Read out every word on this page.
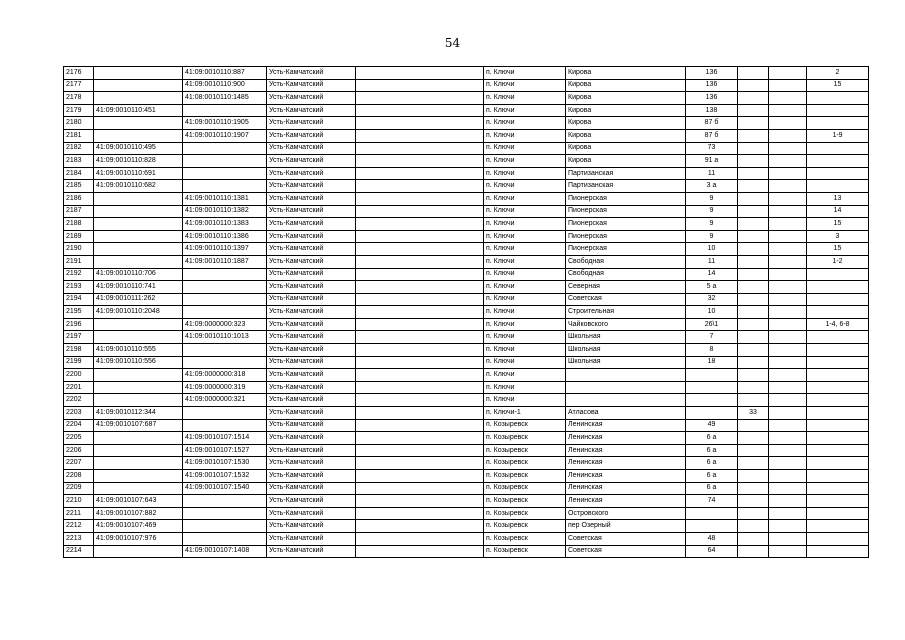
54
2176		41:09:0010110:887	Усть-Камчатский		п. Ключи	Кирова	136			2
2177		41:09:0010110:900	Усть-Камчатский		п. Ключи	Кирова	136			15
2178		41:08:0010110:1485	Усть-Камчатский		п. Ключи	Кирова	136			
2179	41:09:0010110:451		Усть-Камчатский		п. Ключи	Кирова	138			
2180		41:09:0010110:1905	Усть-Камчатский		п. Ключи	Кирова	87 б			
2181		41:09:0010110:1907	Усть-Камчатский		п. Ключи	Кирова	87 б			1-9
2182	41:09:0010110:495		Усть-Камчатский		п. Ключи	Кирова	73			
2183	41:09:0010110:828		Усть-Камчатский		п. Ключи	Кирова	91 а			
2184	41:09:0010110:691		Усть-Камчатский		п. Ключи	Партизанская	11			
2185	41:09:0010110:682		Усть-Камчатский		п. Ключи	Партизанская	3 а			
2186		41:09:0010110:1381	Усть-Камчатский		п. Ключи	Пионерская	9			13
2187		41:09:0010110:1382	Усть-Камчатский		п. Ключи	Пионерская	9			14
2188		41:09:0010110:1383	Усть-Камчатский		п. Ключи	Пионерская	9			15
2189		41:09:0010110:1386	Усть-Камчатский		п. Ключи	Пионерская	9			3
2190		41:09:0010110:1397	Усть-Камчатский		п. Ключи	Пионерская	10			15
2191		41:09:0010110:1887	Усть-Камчатский		п. Ключи	Свободная	11			1-2
2192	41:09:0010110:706		Усть-Камчатский		п. Ключи	Свободная	14			
2193	41:09:0010110:741		Усть-Камчатский		п. Ключи	Северная	5 а			
2194	41:09:0010111:262		Усть-Камчатский		п. Ключи	Советская	32			
2195	41:09:0010110:2048		Усть-Камчатский		п. Ключи	Строительная	10			
2196		41:09:0000000:323	Усть-Камчатский		п. Ключи	Чайковского	26\1			1-4, 6-8
2197		41:09:0010110:1013	Усть-Камчатский		п. Ключи	Школьная	7			
2198	41:09:0010110:555		Усть-Камчатский		п. Ключи	Школьная	8			
2199	41:09:0010110:556		Усть-Камчатский		п. Ключи	Школьная	18			
2200		41:09:0000000:318	Усть-Камчатский		п. Ключи					
2201		41:09:0000000:319	Усть-Камчатский		п. Ключи					
2202		41:09:0000000:321	Усть-Камчатский		п. Ключи					
2203	41:09:0010112:344		Усть-Камчатский		п. Ключи-1	Атласова		33		
2204	41:09:0010107:687		Усть-Камчатский		п. Козыревск	Ленинская	49			
2205		41:09:0010107:1514	Усть-Камчатский		п. Козыревск	Ленинская	6 а			
2206		41:09:0010107:1527	Усть-Камчатский		п. Козыревск	Ленинская	6 а			
2207		41:09:0010107:1530	Усть-Камчатский		п. Козыревск	Ленинская	6 а			
2208		41:09:0010107:1532	Усть-Камчатский		п. Козыревск	Ленинская	6 а			
2209		41:09:0010107:1540	Усть-Камчатский		п. Козыревск	Ленинская	6 а			
2210	41:09:0010107:643		Усть-Камчатский		п. Козыревск	Ленинская	74			
2211	41:09:0010107:882		Усть-Камчатский		п. Козыревск	Островского				
2212	41:09:0010107:469		Усть-Камчатский		п. Козыревск	пер Озерный				
2213	41:09:0010107:976		Усть-Камчатский		п. Козыревск	Советская	48			
2214		41:09:0010107:1408	Усть-Камчатский		п. Козыревск	Советская	64			
